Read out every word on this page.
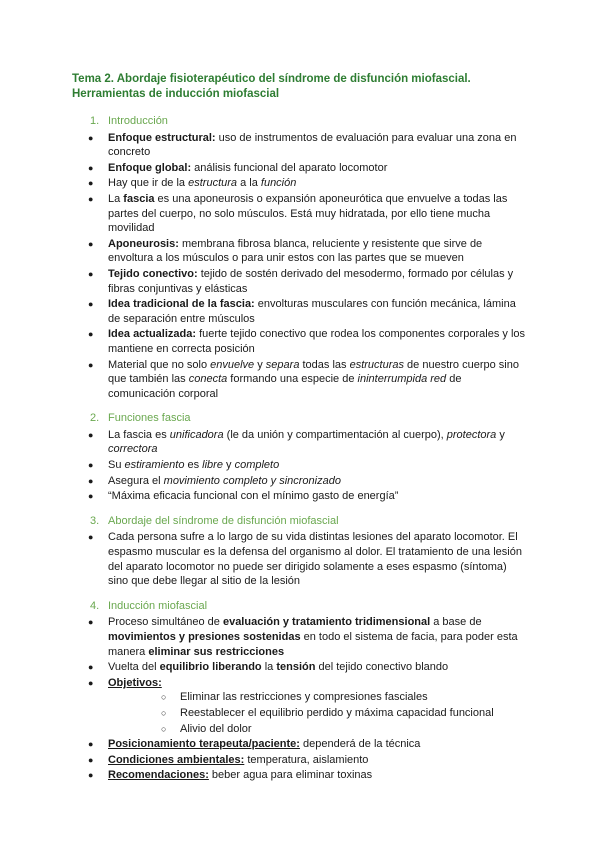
Tema 2. Abordaje fisioterapéutico del síndrome de disfunción miofascial.
Herramientas de inducción miofascial
1. Introducción
● Enfoque estructural: uso de instrumentos de evaluación para evaluar una zona en concreto
● Enfoque global: análisis funcional del aparato locomotor
● Hay que ir de la estructura a la función
● La fascia es una aponeurosis o expansión aponeurótica que envuelve a todas las partes del cuerpo, no solo músculos. Está muy hidratada, por ello tiene mucha movilidad
● Aponeurosis: membrana fibrosa blanca, reluciente y resistente que sirve de envoltura a los músculos o para unir estos con las partes que se mueven
● Tejido conectivo: tejido de sostén derivado del mesodermo, formado por células y fibras conjuntivas y elásticas
● Idea tradicional de la fascia: envolturas musculares con función mecánica, lámina de separación entre músculos
● Idea actualizada: fuerte tejido conectivo que rodea los componentes corporales y los mantiene en correcta posición
● Material que no solo envuelve y separa todas las estructuras de nuestro cuerpo sino que también las conecta formando una especie de ininterrumpida red de comunicación corporal
2. Funciones fascia
● La fascia es unificadora (le da unión y compartimentación al cuerpo), protectora y correctora
● Su estiramiento es libre y completo
● Asegura el movimiento completo y sincronizado
● “Máxima eficacia funcional con el mínimo gasto de energía”
3. Abordaje del síndrome de disfunción miofascial
● Cada persona sufre a lo largo de su vida distintas lesiones del aparato locomotor. El espasmo muscular es la defensa del organismo al dolor. El tratamiento de una lesión del aparato locomotor no puede ser dirigido solamente a eses espasmo (síntoma) sino que debe llegar al sitio de la lesión
4. Inducción miofascial
● Proceso simultáneo de evaluación y tratamiento tridimensional a base de movimientos y presiones sostenidas en todo el sistema de facia, para poder esta manera eliminar sus restricciones
● Vuelta del equilibrio liberando la tensión del tejido conectivo blando
● Objetivos:
○ Eliminar las restricciones y compresiones fasciales
○ Reestablecer el equilibrio perdido y máxima capacidad funcional
○ Alivio del dolor
● Posicionamiento terapeuta/paciente: dependerá de la técnica
● Condiciones ambientales: temperatura, aislamiento
● Recomendaciones: beber agua para eliminar toxinas
